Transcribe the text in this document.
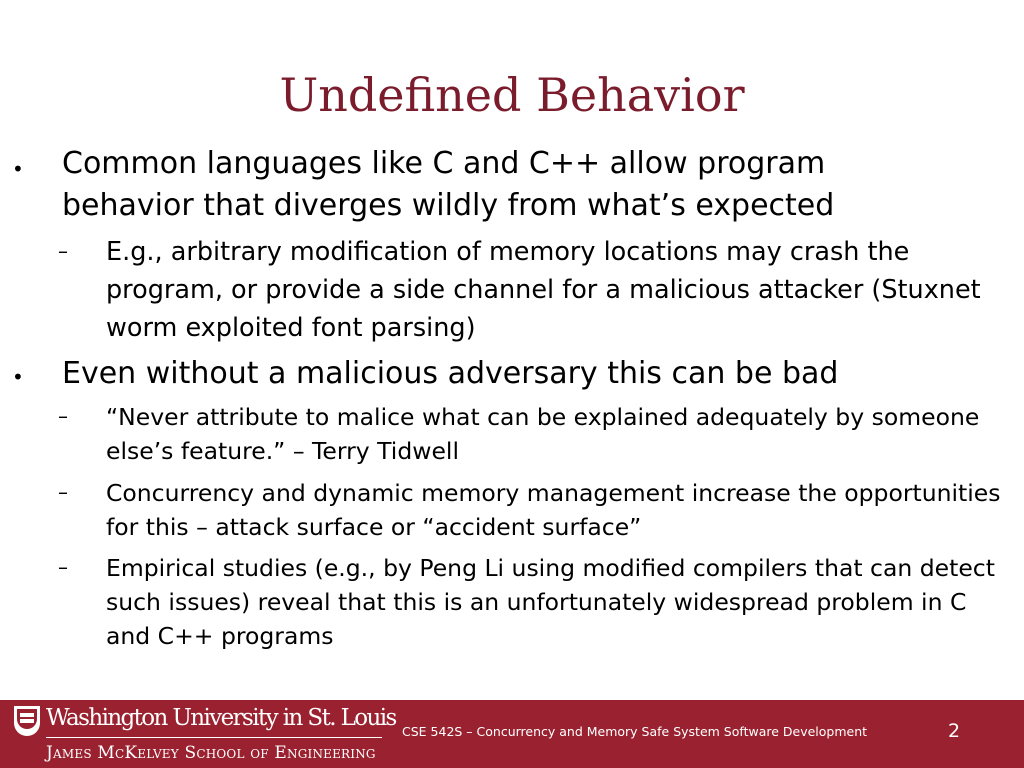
Undefined Behavior
• Common languages like C and C++ allow program behavior that diverges wildly from what’s expected
– E.g., arbitrary modification of memory locations may crash the program, or provide a side channel for a malicious attacker (Stuxnet worm exploited font parsing)
• Even without a malicious adversary this can be bad
– “Never attribute to malice what can be explained adequately by someone else’s feature.” – Terry Tidwell
– Concurrency and dynamic memory management increase the opportunities for this – attack surface or “accident surface”
– Empirical studies (e.g., by Peng Li using modified compilers that can detect such issues) reveal that this is an unfortunately widespread problem in C and C++ programs
Washington University in St. Louis
James McKelvey School of Engineering
CSE 542S – Concurrency and Memory Safe System Software Development	2
